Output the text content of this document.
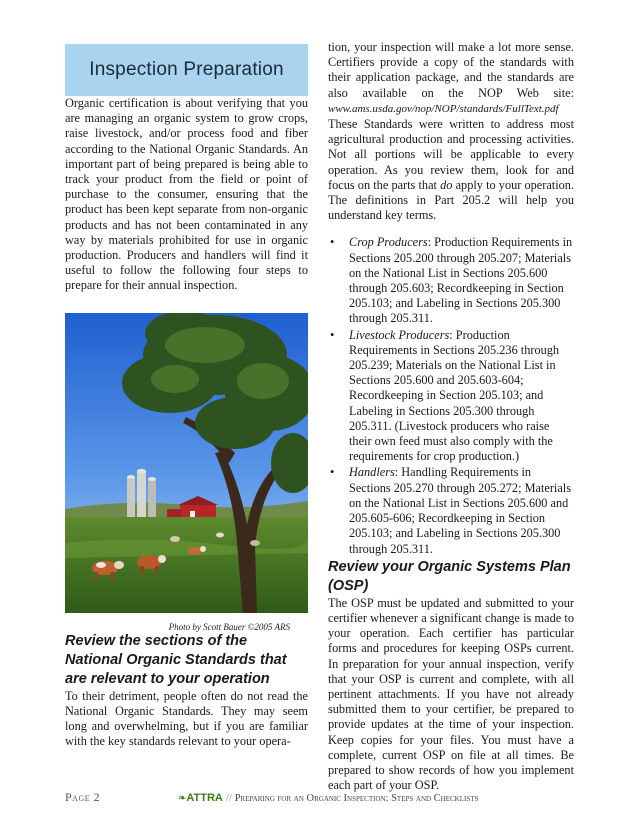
Inspection Preparation

Organic certification is about verifying that you are managing an organic system to grow crops, raise livestock, and/or process food and fiber according to the National Organic Standards. An important part of being prepared is being able to track your product from the field or point of purchase to the consumer, ensuring that the product has been kept separate from non-organic products and has not been contaminated in any way by materials prohibited for use in organic production. Producers and handlers will find it useful to follow the following four steps to prepare for their annual inspection.

Photo by Scott Bauer ©2005 ARS
Review the sections of the National Organic Standards that are relevant to your operation

To their detriment, people often do not read the National Organic Standards. They may seem long and overwhelming, but if you are familiar with the key standards relevant to your opera-

tion, your inspection will make a lot more sense. Certifiers provide a copy of the standards with their application package, and the standards are also available on the NOP Web site: www.ams.usda.gov/nop/NOP/standards/FullText.pdf

These Standards were written to address most agricultural production and processing activities. Not all portions will be applicable to every operation. As you review them, look for and focus on the parts that do apply to your operation. The definitions in Part 205.2 will help you understand key terms.

• Crop Producers: Production Requirements in Sections 205.200 through 205.207; Materials on the National List in Sections 205.600 through 205.603; Recordkeeping in Section 205.103; and Labeling in Sections 205.300 through 205.311.
• Livestock Producers: Production Requirements in Sections 205.236 through 205.239; Materials on the National List in Sections 205.600 and 205.603-604; Recordkeeping in Section 205.103; and Labeling in Sections 205.300 through 205.311. (Livestock producers who raise their own feed must also comply with the requirements for crop production.)
• Handlers: Handling Requirements in Sections 205.270 through 205.272; Materials on the National List in Sections 205.600 and 205.605-606; Recordkeeping in Section 205.103; and Labeling in Sections 205.300 through 205.311.
Review your Organic Systems Plan (OSP)

The OSP must be updated and submitted to your certifier whenever a significant change is made to your operation. Each certifier has particular forms and procedures for keeping OSPs current. In preparation for your annual inspection, verify that your OSP is current and complete, with all pertinent attachments. If you have not already submitted them to your certifier, be prepared to provide updates at the time of your inspection. Keep copies for your files. You must have a complete, current OSP on file at all times. Be prepared to show records of how you implement each part of your OSP.

Page 2	❧ATTRA // Preparing for an Organic Inspection: Steps and Checklists
